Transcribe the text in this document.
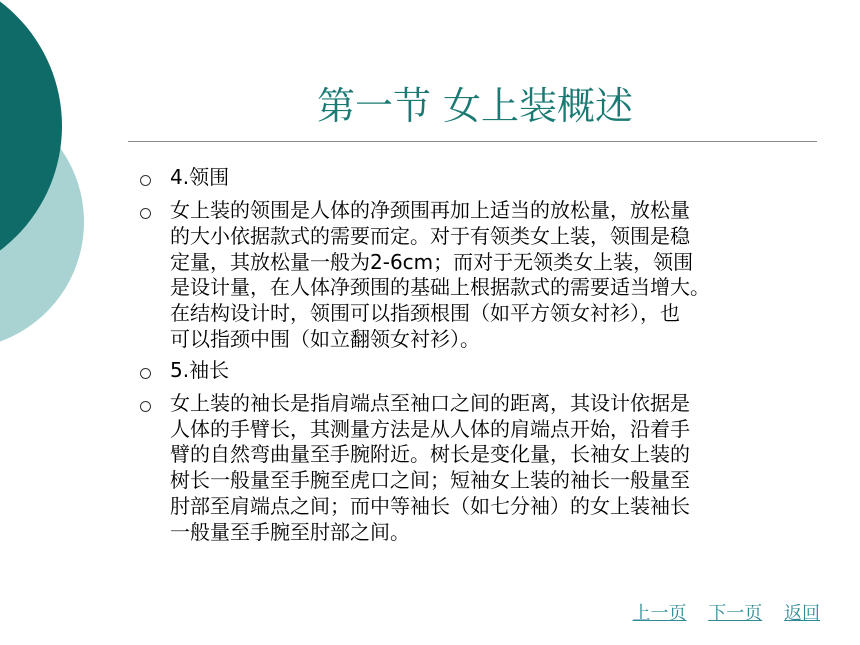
第一节 女上装概述
4.领围
女上装的领围是人体的净颈围再加上适当的放松量，放松量
的大小依据款式的需要而定。对于有领类女上装，领围是稳
定量，其放松量一般为2-6cm；而对于无领类女上装，领围
是设计量，在人体净颈围的基础上根据款式的需要适当增大。
在结构设计时，领围可以指颈根围（如平方领女衬衫），也
可以指颈中围（如立翻领女衬衫）。
5.袖长
女上装的袖长是指肩端点至袖口之间的距离，其设计依据是
人体的手臂长，其测量方法是从人体的肩端点开始，沿着手
臂的自然弯曲量至手腕附近。树长是变化量，长袖女上装的
树长一般量至手腕至虎口之间；短袖女上装的袖长一般量至
肘部至肩端点之间；而中等袖长（如七分袖）的女上装袖长
一般量至手腕至肘部之间。
上一页 下一页 返回
